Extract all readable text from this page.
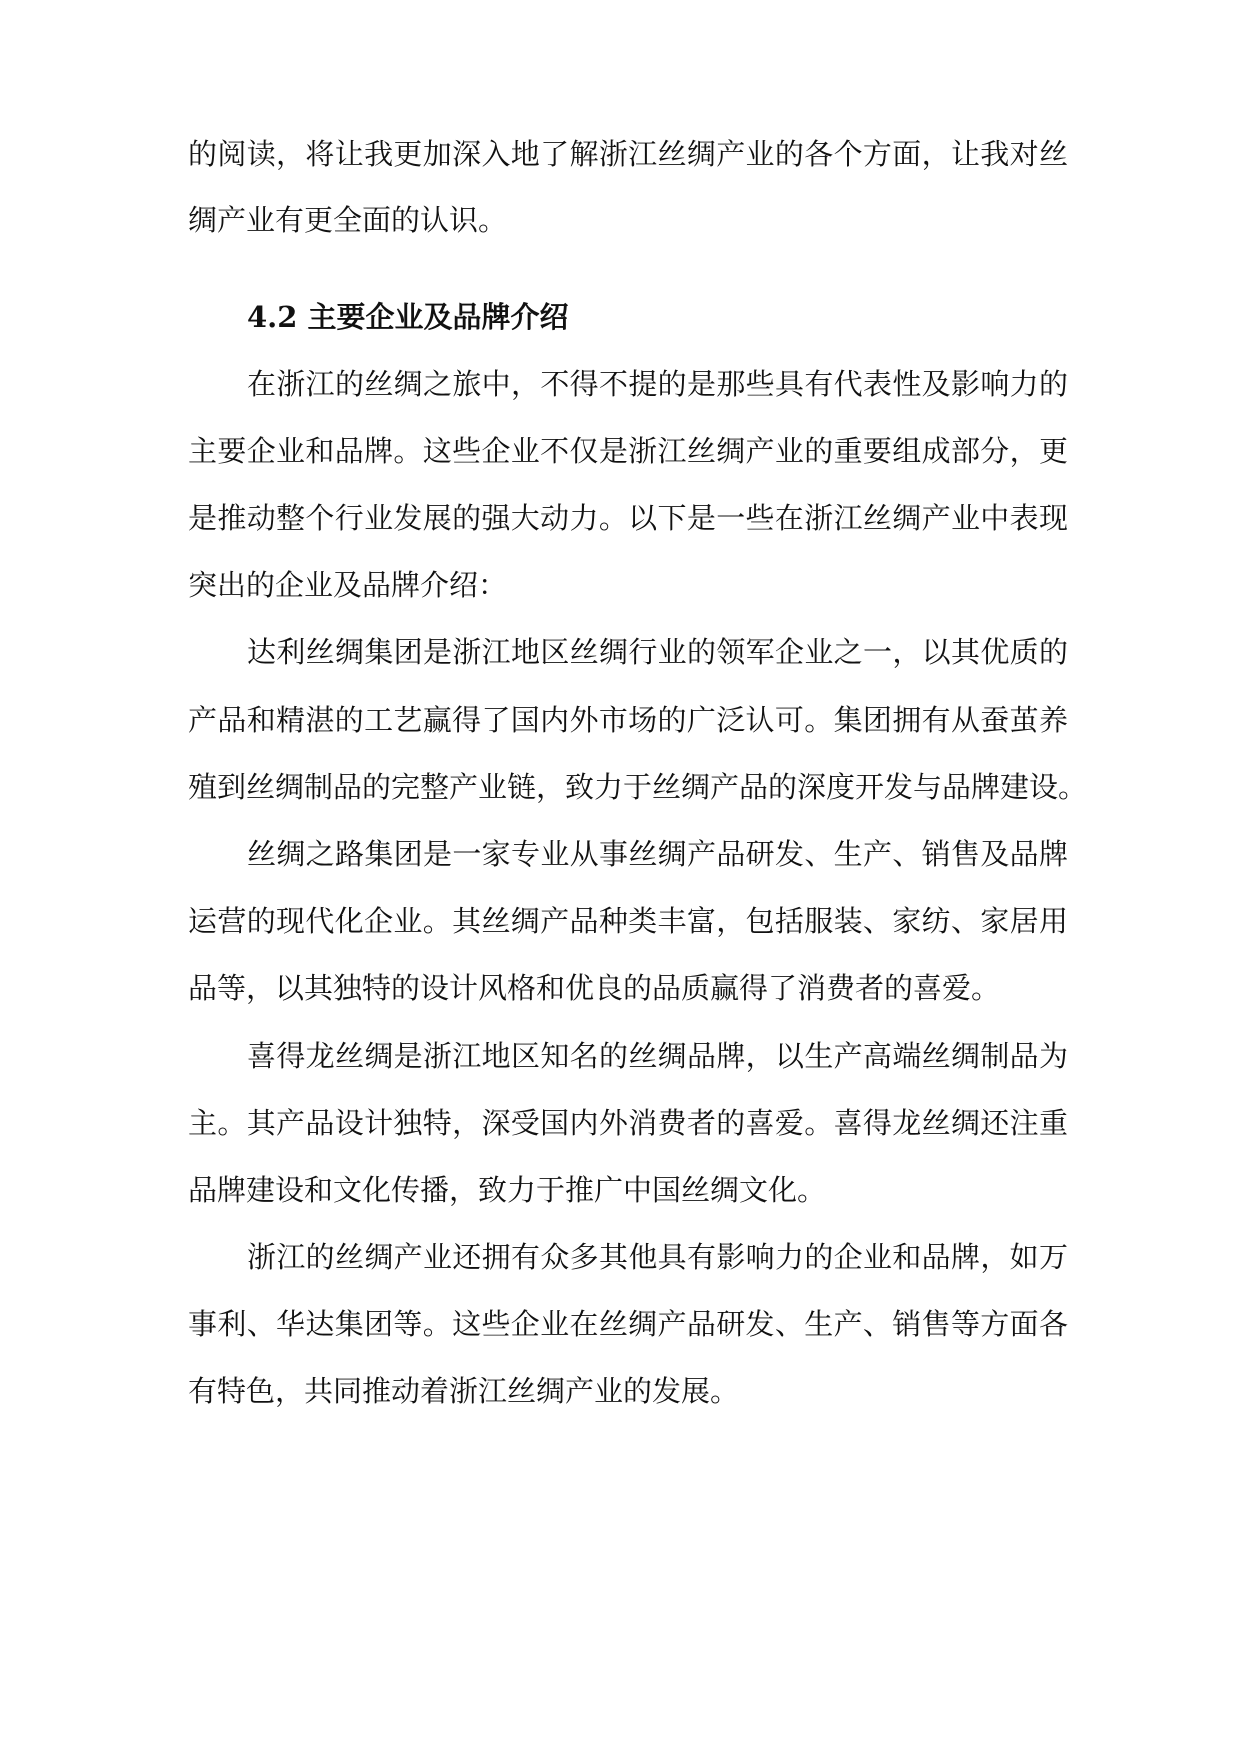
的阅读，将让我更加深入地了解浙江丝绸产业的各个方面，让我对丝
绸产业有更全面的认识。
4.2 主要企业及品牌介绍
在浙江的丝绸之旅中，不得不提的是那些具有代表性及影响力的
主要企业和品牌。这些企业不仅是浙江丝绸产业的重要组成部分，更
是推动整个行业发展的强大动力。以下是一些在浙江丝绸产业中表现
突出的企业及品牌介绍：
达利丝绸集团是浙江地区丝绸行业的领军企业之一，以其优质的
产品和精湛的工艺赢得了国内外市场的广泛认可。集团拥有从蚕茧养
殖到丝绸制品的完整产业链，致力于丝绸产品的深度开发与品牌建设。
丝绸之路集团是一家专业从事丝绸产品研发、生产、销售及品牌
运营的现代化企业。其丝绸产品种类丰富，包括服装、家纺、家居用
品等，以其独特的设计风格和优良的品质赢得了消费者的喜爱。
喜得龙丝绸是浙江地区知名的丝绸品牌，以生产高端丝绸制品为
主。其产品设计独特，深受国内外消费者的喜爱。喜得龙丝绸还注重
品牌建设和文化传播，致力于推广中国丝绸文化。
浙江的丝绸产业还拥有众多其他具有影响力的企业和品牌，如万
事利、华达集团等。这些企业在丝绸产品研发、生产、销售等方面各
有特色，共同推动着浙江丝绸产业的发展。
